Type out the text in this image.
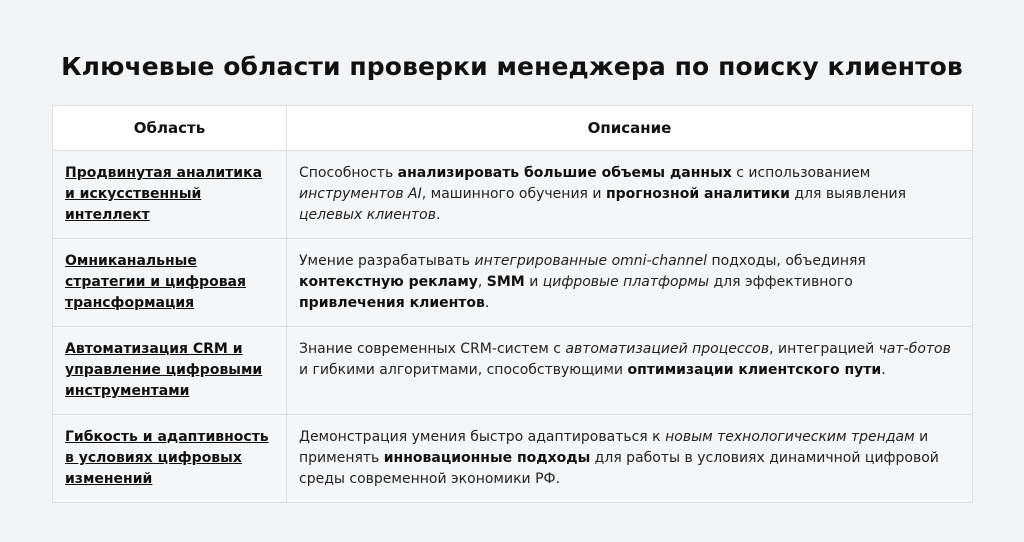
Ключевые области проверки менеджера по поиску клиентов
Область	Описание
Продвинутая аналитика и искусственный интеллект	Способность анализировать большие объемы данных с использованием инструментов AI, машинного обучения и прогнозной аналитики для выявления целевых клиентов.
Омниканальные стратегии и цифровая трансформация	Умение разрабатывать интегрированные omni-channel подходы, объединяя контекстную рекламу, SMM и цифровые платформы для эффективного привлечения клиентов.
Автоматизация CRM и управление цифровыми инструментами	Знание современных CRM-систем с автоматизацией процессов, интеграцией чат-ботов и гибкими алгоритмами, способствующими оптимизации клиентского пути.
Гибкость и адаптивность в условиях цифровых изменений	Демонстрация умения быстро адаптироваться к новым технологическим трендам и применять инновационные подходы для работы в условиях динамичной цифровой среды современной экономики РФ.
